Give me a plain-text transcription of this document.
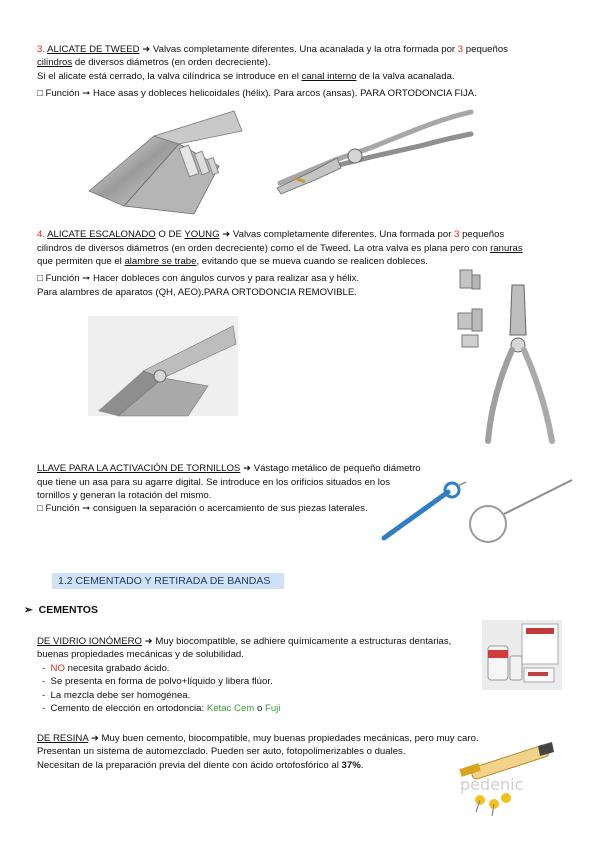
3. ALICATE DE TWEED ➜ Valvas completamente diferentes. Una acanalada y la otra formada por 3 pequeños
cilindros de diversos diámetros (en orden decreciente).
Si el alicate está cerrado, la valva cilíndrica se introduce en el canal interno de la valva acanalada.
□ Función ➞ Hace asas y dobleces helicoidales (hélix). Para arcos (ansas). PARA ORTODONCIA FIJA.
4. ALICATE ESCALONADO O DE YOUNG ➜ Valvas completamente diferentes. Una formada por 3 pequeños
cilindros de diversos diámetros (en orden decreciente) como el de Tweed. La otra valva es plana pero con ranuras
que permiten que el alambre se trabe, evitando que se mueva cuando se realicen dobleces.
□ Función ➞ Hacer dobleces con ángulos curvos y para realizar asa y hélix.
Para alambres de aparatos (QH, AEO).PARA ORTODONCIA REMOVIBLE.
LLAVE PARA LA ACTIVACIÓN DE TORNILLOS ➜ Vástago metálico de pequeño diámetro
que tiene un asa para su agarre digital. Se introduce en los orificios situados en los
tornillos y generan la rotación del mismo.
□ Función ➞ consiguen la separación o acercamiento de sus piezas laterales.
1.2 CEMENTADO Y RETIRADA DE BANDAS
➢ CEMENTOS
DE VIDRIO IONÓMERO ➜ Muy biocompatible, se adhiere químicamente a estructuras dentarias,
buenas propiedades mecánicas y de solubilidad.
- NO necesita grabado ácido.
- Se presenta en forma de polvo+líquido y libera flúor.
- La mezcla debe ser homogénea.
- Cemento de elección en ortodoncia: Ketac Cem o Fuji
DE RESINA ➜ Muy buen cemento, biocompatible, muy buenas propiedades mecánicas, pero muy caro.
Presentan un sistema de automezclado. Pueden ser auto, fotopolimerizables o duales.
Necesitan de la preparación previa del diente con ácido ortofosfórico al 37%.
pedenic
